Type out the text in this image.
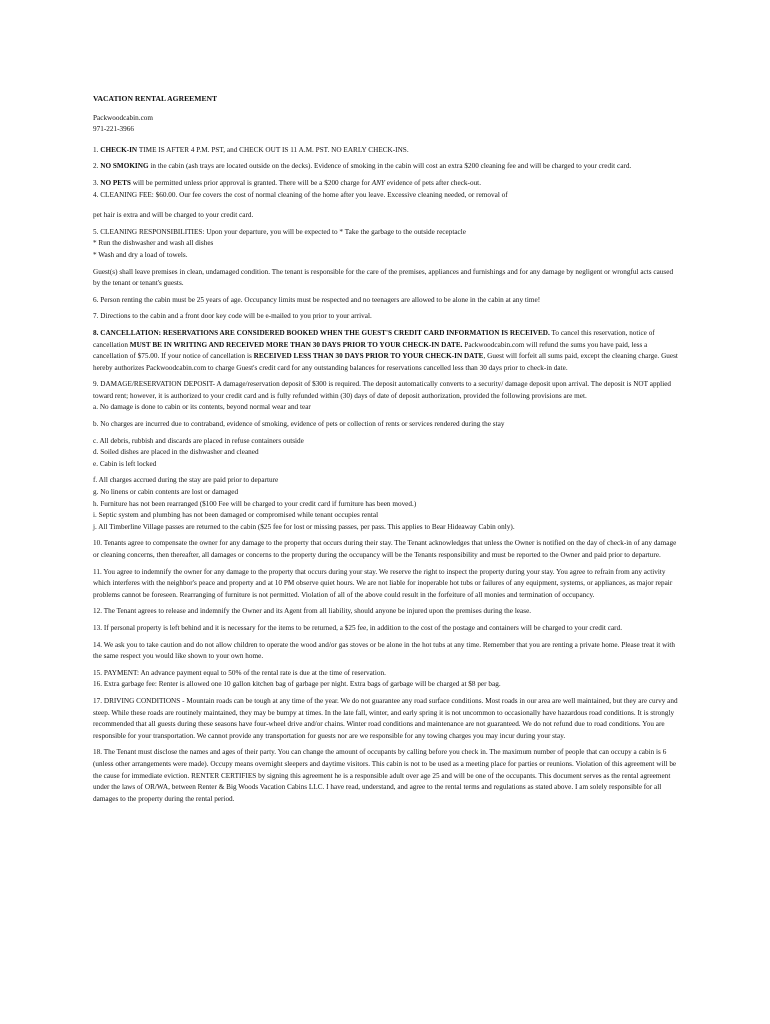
VACATION RENTAL AGREEMENT

Packwoodcabin.com

971-221-3966

1. CHECK-IN TIME IS AFTER 4 P.M. PST, and CHECK OUT IS 11 A.M. PST. NO EARLY CHECK-INS.

2. NO SMOKING in the cabin (ash trays are located outside on the decks). Evidence of smoking in the cabin will cost an extra $200 cleaning fee and will be charged to your credit card.

3. NO PETS will be permitted unless prior approval is granted. There will be a $200 charge for ANY evidence of pets after check-out.

4. CLEANING FEE: $60.00. Our fee covers the cost of normal cleaning of the home after you leave. Excessive cleaning needed, or removal of

pet hair is extra and will be charged to your credit card.

5. CLEANING RESPONSIBILITIES: Upon your departure, you will be expected to * Take the garbage to the outside receptacle

* Run the dishwasher and wash all dishes

* Wash and dry a load of towels.

Guest(s) shall leave premises in clean, undamaged condition. The tenant is responsible for the care of the premises, appliances and furnishings and for any damage by negligent or wrongful acts caused by the tenant or tenant's guests.

6. Person renting the cabin must be 25 years of age. Occupancy limits must be respected and no teenagers are allowed to be alone in the cabin at any time!

7. Directions to the cabin and a front door key code will be e-mailed to you prior to your arrival.

8. CANCELLATION: RESERVATIONS ARE CONSIDERED BOOKED WHEN THE GUEST'S CREDIT CARD INFORMATION IS RECEIVED. To cancel this reservation, notice of cancellation MUST BE IN WRITING AND RECEIVED MORE THAN 30 DAYS PRIOR TO YOUR CHECK-IN DATE. Packwoodcabin.com will refund the sums you have paid, less a cancellation of $75.00. If your notice of cancellation is RECEIVED LESS THAN 30 DAYS PRIOR TO YOUR CHECK-IN DATE, Guest will forfeit all sums paid, except the cleaning charge. Guest hereby authorizes Packwoodcabin.com to charge Guest's credit card for any outstanding balances for reservations cancelled less than 30 days prior to check-in date.

9. DAMAGE/RESERVATION DEPOSIT- A damage/reservation deposit of $300 is required. The deposit automatically converts to a security/ damage deposit upon arrival. The deposit is NOT applied toward rent; however, it is authorized to your credit card and is fully refunded within (30) days of date of deposit authorization, provided the following provisions are met.

a. No damage is done to cabin or its contents, beyond normal wear and tear

b. No charges are incurred due to contraband, evidence of smoking, evidence of pets or collection of rents or services rendered during the stay

c. All debris, rubbish and discards are placed in refuse containers outside

d. Soiled dishes are placed in the dishwasher and cleaned

e. Cabin is left locked

f. All charges accrued during the stay are paid prior to departure

g. No linens or cabin contents are lost or damaged

h. Furniture has not been rearranged ($100 Fee will be charged to your credit card if furniture has been moved.)

i. Septic system and plumbing has not been damaged or compromised while tenant occupies rental

j. All Timberline Village passes are returned to the cabin ($25 fee for lost or missing passes, per pass. This applies to Bear Hideaway Cabin only).

10. Tenants agree to compensate the owner for any damage to the property that occurs during their stay. The Tenant acknowledges that unless the Owner is notified on the day of check-in of any damage or cleaning concerns, then thereafter, all damages or concerns to the property during the occupancy will be the Tenants responsibility and must be reported to the Owner and paid prior to departure.

11. You agree to indemnify the owner for any damage to the property that occurs during your stay. We reserve the right to inspect the property during your stay. You agree to refrain from any activity which interferes with the neighbor's peace and property and at 10 PM observe quiet hours. We are not liable for inoperable hot tubs or failures of any equipment, systems, or appliances, as major repair problems cannot be foreseen. Rearranging of furniture is not permitted. Violation of all of the above could result in the forfeiture of all monies and termination of occupancy.

12. The Tenant agrees to release and indemnify the Owner and its Agent from all liability, should anyone be injured upon the premises during the lease.

13. If personal property is left behind and it is necessary for the items to be returned, a $25 fee, in addition to the cost of the postage and containers will be charged to your credit card.

14. We ask you to take caution and do not allow children to operate the wood and/or gas stoves or be alone in the hot tubs at any time. Remember that you are renting a private home. Please treat it with the same respect you would like shown to your own home.

15. PAYMENT: An advance payment equal to 50% of the rental rate is due at the time of reservation.

16. Extra garbage fee: Renter is allowed one 10 gallon kitchen bag of garbage per night. Extra bags of garbage will be charged at $8 per bag.

17. DRIVING CONDITIONS - Mountain roads can be tough at any time of the year. We do not guarantee any road surface conditions. Most roads in our area are well maintained, but they are curvy and steep. While these roads are routinely maintained, they may be bumpy at times. In the late fall, winter, and early spring it is not uncommon to occasionally have hazardous road conditions. It is strongly recommended that all guests during these seasons have four-wheel drive and/or chains. Winter road conditions and maintenance are not guaranteed. We do not refund due to road conditions. You are responsible for your transportation. We cannot provide any transportation for guests nor are we responsible for any towing charges you may incur during your stay.

18. The Tenant must disclose the names and ages of their party. You can change the amount of occupants by calling before you check in. The maximum number of people that can occupy a cabin is 6 (unless other arrangements were made). Occupy means overnight sleepers and daytime visitors. This cabin is not to be used as a meeting place for parties or reunions. Violation of this agreement will be the cause for immediate eviction. RENTER CERTIFIES by signing this agreement he is a responsible adult over age 25 and will be one of the occupants. This document serves as the rental agreement under the laws of OR/WA, between Renter & Big Woods Vacation Cabins LLC. I have read, understand, and agree to the rental terms and regulations as stated above. I am solely responsible for all damages to the property during the rental period.
